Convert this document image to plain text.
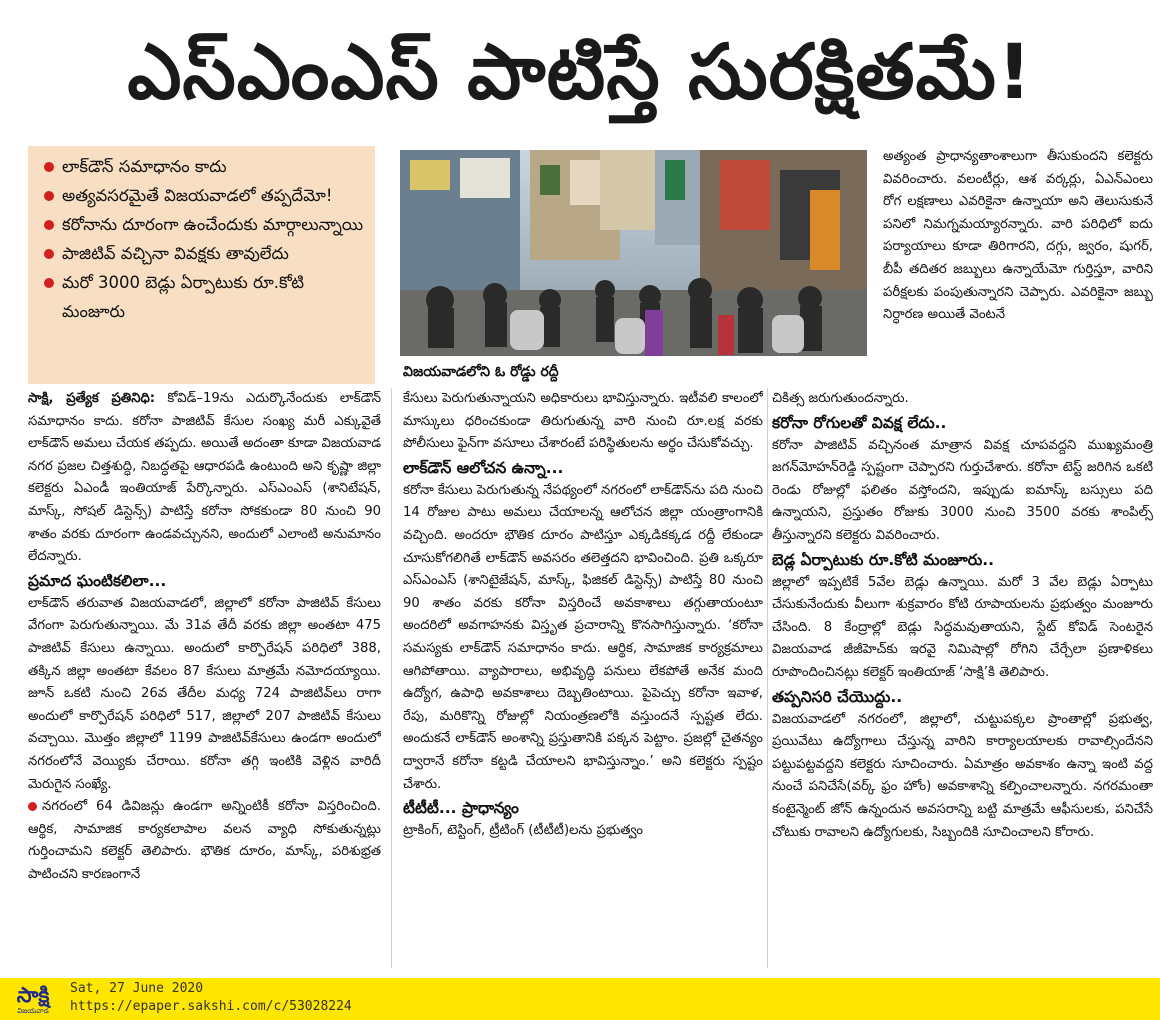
ఎస్‌ఎంఎస్‌ పాటిస్తే సురక్షితమే!
లాక్‌డౌన్‌ సమాధానం కాదు
అత్యవసరమైతే విజయవాడలో తప్పదేమో!
కరోనాను దూరంగా ఉంచేందుకు మార్గాలున్నాయి
పాజిటివ్‌ వచ్చినా వివక్షకు తావులేదు
మరో 3000 బెడ్లు ఏర్పాటుకు రూ.కోటి మంజూరు
విజయవాడలోని ఓ రోడ్డు రద్దీ

సాక్షి, ప్రత్యేక ప్రతినిధి: కోవిడ్‌–19ను ఎదుర్కొనేందుకు లాక్‌డౌన్‌ సమాధానం కాదు. కరోనా పాజిటివ్‌ కేసుల సంఖ్య మరీ ఎక్కువైతే లాక్‌డౌన్‌ అమలు చేయక తప్పదు. అయితే అదంతా కూడా విజయవాడ నగర ప్రజల చిత్తశుద్ధి, నిబద్ధతపై ఆధారపడి ఉంటుంది అని కృష్ణా జిల్లా కలెక్టరు ఏఎండీ ఇంతియాజ్‌ పేర్కొన్నారు. ఎస్‌ఎంఎస్‌ (శానిటేషన్, మాస్క్, సోషల్‌ డిస్టెన్స్‌) పాటిస్తే కరోనా సోకకుండా 80 నుంచి 90 శాతం వరకు దూరంగా ఉండవచ్చునని, అందులో ఎలాంటి అనుమానం లేదన్నారు.

ప్రమాద ఘంటికలిలా...

లాక్‌డౌన్‌ తరువాత విజయవాడలో, జిల్లాలో కరోనా పాజిటివ్‌ కేసులు వేగంగా పెరుగుతున్నాయి. మే 31వ తేదీ వరకు జిల్లా అంతటా 475 పాజిటివ్‌ కేసులు ఉన్నాయి. అందులో కార్పొరేషన్‌ పరిధిలో 388, తక్కిన జిల్లా అంతటా కేవలం 87 కేసులు మాత్రమే నమోదయ్యాయి. జూన్‌ ఒకటి నుంచి 26వ తేదీల మధ్య 724 పాజిటివ్‌లు రాగా అందులో కార్పొరేషన్‌ పరిధిలో 517, జిల్లాలో 207 పాజిటివ్‌ కేసులు వచ్చాయి. మొత్తం జిల్లాలో 1199 పాజిటివ్‌కేసులు ఉండగా అందులో నగరంలోనే వెయ్యికు చేరాయి. కరోనా తగ్గి ఇంటికి వెళ్లిన వారిదీ మెరుగైన సంఖ్యే.

నగరంలో 64 డివిజన్లు ఉండగా అన్నింటికీ కరోనా విస్తరించింది. ఆర్థిక, సామాజిక కార్యకలాపాల వలన వ్యాధి సోకుతున్నట్లు గుర్తించామని కలెక్టర్‌ తెలిపారు. భౌతిక దూరం, మాస్క్, పరిశుభ్రత పాటించని కారణంగానే

కేసులు పెరుగుతున్నాయని అధికారులు భావిస్తున్నారు. ఇటీవలి కాలంలో మాస్కులు ధరించకుండా తిరుగుతున్న వారి నుంచి రూ.లక్ష వరకు పోలీసులు ఫైన్‌గా వసూలు చేశారంటే పరిస్థితులను అర్థం చేసుకోవచ్చు.

లాక్‌డౌన్‌ ఆలోచన ఉన్నా...

కరోనా కేసులు పెరుగుతున్న నేపథ్యంలో నగరంలో లాక్‌డౌన్‌ను పది నుంచి 14 రోజుల పాటు అమలు చేయాలన్న ఆలోచన జిల్లా యంత్రాంగానికి వచ్చింది. అందరూ భౌతిక దూరం పాటిస్తూ ఎక్కడికక్కడ రద్దీ లేకుండా చూసుకోగలిగితే లాక్‌డౌన్‌ అవసరం తలెత్తదని భావించింది. ప్రతి ఒక్కరూ ఎస్‌ఎంఎస్‌ (శానిటైజేషన్, మాస్క్, ఫిజికల్‌ డిస్టెన్స్‌) పాటిస్తే 80 నుంచి 90 శాతం వరకు కరోనా విస్తరించే అవకాశాలు తగ్గుతాయంటూ అందరిలో అవగాహనకు విస్తృత ప్రచారాన్ని కొనసాగిస్తున్నారు. ‘కరోనా సమస్యకు లాక్‌డౌన్‌ సమాధానం కాదు. ఆర్థిక, సామాజిక కార్యక్రమాలు ఆగిపోతాయి. వ్యాపారాలు, అభివృద్ధి పనులు లేకపోతే అనేక మంది ఉద్యోగ, ఉపాధి అవకాశాలు దెబ్బతింటాయి. పైపెచ్చు కరోనా ఇవాళ, రేపు, మరికొన్ని రోజుల్లో నియంత్రణలోకి వస్తుందనే స్పష్టత లేదు. అందుకనే లాక్‌డౌన్‌ అంశాన్ని ప్రస్తుతానికి పక్కన పెట్టాం. ప్రజల్లో చైతన్యం ద్వారానే కరోనా కట్టడి చేయాలని భావిస్తున్నాం.’ అని కలెక్టరు స్పష్టం చేశారు.

టీటీటీ... ప్రాధాన్యం

ట్రాకింగ్, టెస్టింగ్, ట్రీటింగ్‌ (టీటీటీ)లను ప్రభుత్వం

అత్యంత ప్రాధాన్యతాంశాలుగా తీసుకుందని కలెక్టరు వివరించారు. వలంటీర్లు, ఆశ వర్కర్లు, ఏఎన్‌ఎంలు రోగ లక్షణాలు ఎవరికైనా ఉన్నాయా అని తెలుసుకునే పనిలో నిమగ్నమయ్యారన్నారు. వారి పరిధిలో ఐదు పర్యాయాలు కూడా తిరిగారని, దగ్గు, జ్వరం, షుగర్, బీపీ తదితర జబ్బులు ఉన్నాయేమో గుర్తిస్తూ, వారిని పరీక్షలకు పంపుతున్నారని చెప్పారు. ఎవరికైనా జబ్బు నిర్ధారణ అయితే వెంటనే

చికిత్స జరుగుతుందన్నారు.

కరోనా రోగులతో వివక్ష లేదు..

కరోనా పాజిటివ్‌ వచ్చినంత మాత్రాన వివక్ష చూపవద్దని ముఖ్యమంత్రి జగన్‌మోహన్‌రెడ్డి స్పష్టంగా చెప్పారని గుర్తుచేశారు. కరోనా టెస్ట్‌ జరిగిన ఒకటి రెండు రోజుల్లో ఫలితం వస్తోందని, ఇప్పుడు ఐమాస్క్‌ బస్సులు పది ఉన్నాయని, ప్రస్తుతం రోజుకు 3000 నుంచి 3500 వరకు శాంపిల్స్‌ తీస్తున్నారని కలెక్టరు వివరించారు.

బెడ్ల ఏర్పాటుకు రూ.కోటి మంజూరు..

జిల్లాలో ఇప్పటికే 5వేల బెడ్లు ఉన్నాయి. మరో 3 వేల బెడ్లు ఏర్పాటు చేసుకునేందుకు వీలుగా శుక్రవారం కోటి రూపాయలను ప్రభుత్వం మంజూరు చేసింది. 8 కేంద్రాల్లో బెడ్లు సిద్ధమవుతాయని, స్టేట్‌ కోవిడ్‌ సెంటరైన విజయవాడ జీజీహెచ్‌కు ఇరవై నిమిషాల్లో రోగిని చేర్చేలా ప్రణాళికలు రూపొందించినట్లు కలెక్టర్‌ ఇంతియాజ్‌ ‘సాక్షి’కి తెలిపారు.

తప్పనిసరి చేయొద్దు..

విజయవాడలో నగరంలో, జిల్లాలో, చుట్టుపక్కల ప్రాంతాల్లో ప్రభుత్వ, ప్రయివేటు ఉద్యోగాలు చేస్తున్న వారిని కార్యాలయాలకు రావాల్సిందేనని పట్టుపట్టవద్దని కలెక్టరు సూచించారు. ఏమాత్రం అవకాశం ఉన్నా ఇంటి వద్ద నుంచే పనిచేసే(వర్క్‌ ఫ్రం హోం) అవకాశాన్ని కల్పించాలన్నారు. నగరమంతా కంటైన్మెంట్‌ జోన్‌ ఉన్నందున అవసరాన్ని బట్టి మాత్రమే ఆఫీసులకు, పనిచేసే చోటుకు రావాలని ఉద్యోగులకు, సిబ్బందికి సూచించాలని కోరారు.

సాక్షి
విజయవాడ
Sat, 27 June 2020
https://epaper.sakshi.com/c/53028224
